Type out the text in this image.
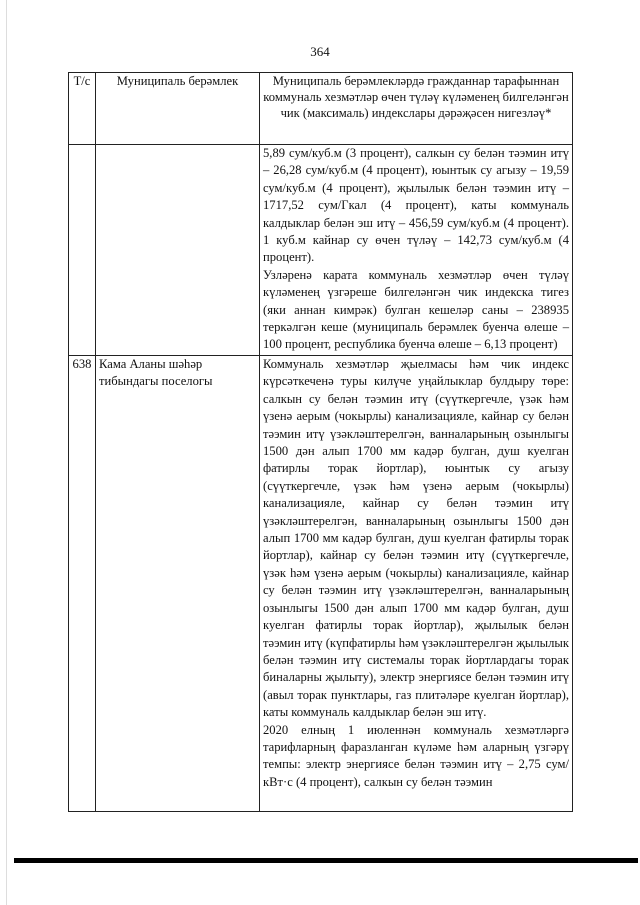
364
Т/с	Муниципаль берәмлек	Муниципаль берәмлекләрдә гражданнар тарафыннан коммуналь хезмәтләр өчен түләү күләменең билгеләнгән чик (максималь) индекслары дәрәҗәсен нигезләү*

		5,89 сум/куб.м (3 процент), салкын су белән тәэмин итү – 26,28 сум/куб.м (4 процент), юынтык су агызу – 19,59 сум/куб.м (4 процент), җылылык белән тәэмин итү – 1717,52 сум/Гкал (4 процент), каты коммуналь калдыклар белән эш итү – 456,59 сум/куб.м (4 процент). 1 куб.м кайнар су өчен түләү – 142,73 сум/куб.м (4 процент).

Узләренә карата коммуналь хезмәтләр өчен түләү күләменең үзгәреше билгеләнгән чик индекска тигез (яки аннан кимрәк) булган кешеләр саны – 238935 теркәлгән кеше (муниципаль берәмлек буенча өлеше – 100 процент, республика буенча өлеше – 6,13 процент)

638	Кама Аланы шәһәр тибындагы поселогы	Коммуналь хезмәтләр җыелмасы һәм чик индекс күрсәткеченә туры килүче уңайлыклар булдыру төре: салкын су белән тәэмин итү (сүүткергечле, үзәк һәм үзенә аерым (чокырлы) канализацияле, кайнар су белән тәэмин итү үзәкләштерелгән, ванналарының озынлыгы 1500 дән алып 1700 мм кадәр булган, душ куелган фатирлы торак йортлар), юынтык су агызу (сүүткергечле, үзәк һәм үзенә аерым (чокырлы) канализацияле, кайнар су белән тәэмин итү үзәкләштерелгән, ванналарының озынлыгы 1500 дән алып 1700 мм кадәр булган, душ куелган фатирлы торак йортлар), кайнар су белән тәэмин итү (сүүткергечле, үзәк һәм үзенә аерым (чокырлы) канализацияле, кайнар су белән тәэмин итү үзәкләштерелгән, ванналарының озынлыгы 1500 дән алып 1700 мм кадәр булган, душ куелган фатирлы торак йортлар), җылылык белән тәэмин итү (күпфатирлы һәм үзәкләштерелгән җылылык белән тәэмин итү системалы торак йортлардагы торак биналарны җылыту), электр энергиясе белән тәэмин итү (авыл торак пунктлары, газ плитәләре куелган йортлар), каты коммуналь калдыклар белән эш итү.

2020 елның 1 июленнән коммуналь хезмәтләргә тарифларның фаразланган күләме һәм аларның үзгәрү темпы: электр энергиясе белән тәэмин итү – 2,75 сум/кВт·с (4 процент), салкын су белән тәэмин
